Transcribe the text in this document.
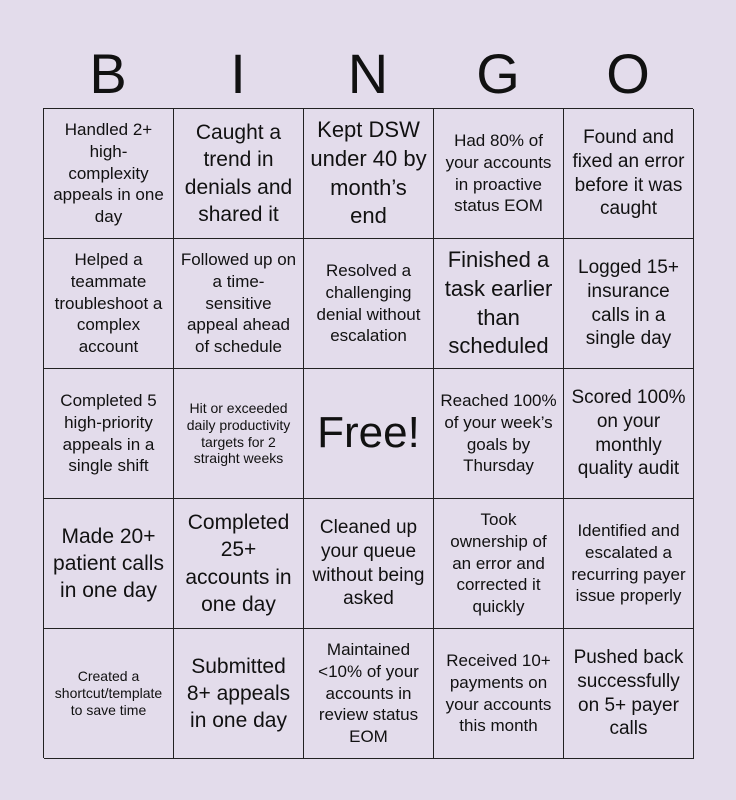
B	I	N	G	O
Handled 2+ high-complexity appeals in one day
Caught a trend in denials and shared it
Kept DSW under 40 by month’s end
Had 80% of your accounts in proactive status EOM
Found and fixed an error before it was caught
Helped a teammate troubleshoot a complex account
Followed up on a time-sensitive appeal ahead of schedule
Resolved a challenging denial without escalation
Finished a task earlier than scheduled
Logged 15+ insurance calls in a single day
Completed 5 high-priority appeals in a single shift
Hit or exceeded daily productivity targets for 2 straight weeks
Free!
Reached 100% of your week’s goals by Thursday
Scored 100% on your monthly quality audit
Made 20+ patient calls in one day
Completed 25+ accounts in one day
Cleaned up your queue without being asked
Took ownership of an error and corrected it quickly
Identified and escalated a recurring payer issue properly
Created a shortcut/template to save time
Submitted 8+ appeals in one day
Maintained <10% of your accounts in review status EOM
Received 10+ payments on your accounts this month
Pushed back successfully on 5+ payer calls
